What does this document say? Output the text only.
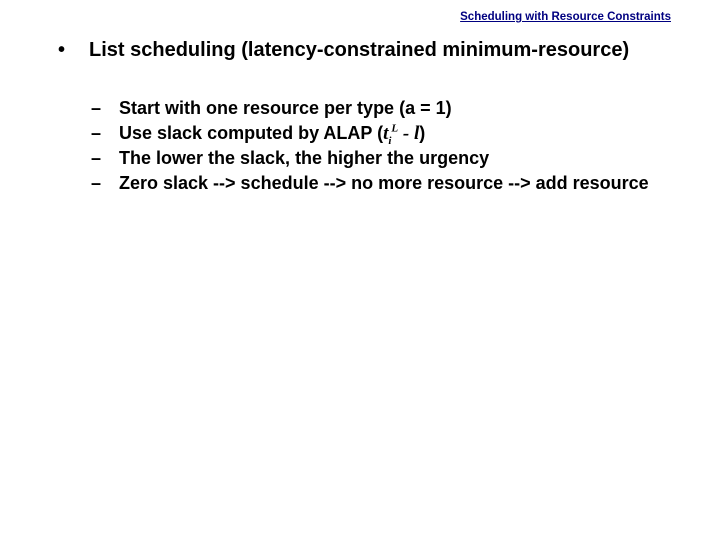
Scheduling with Resource Constraints
• List scheduling (latency-constrained minimum-resource)
– Start with one resource per type (a = 1)
– Use slack computed by ALAP $(t_i^L - l)$
– The lower the slack, the higher the urgency
– Zero slack --> schedule --> no more resource --> add resource
